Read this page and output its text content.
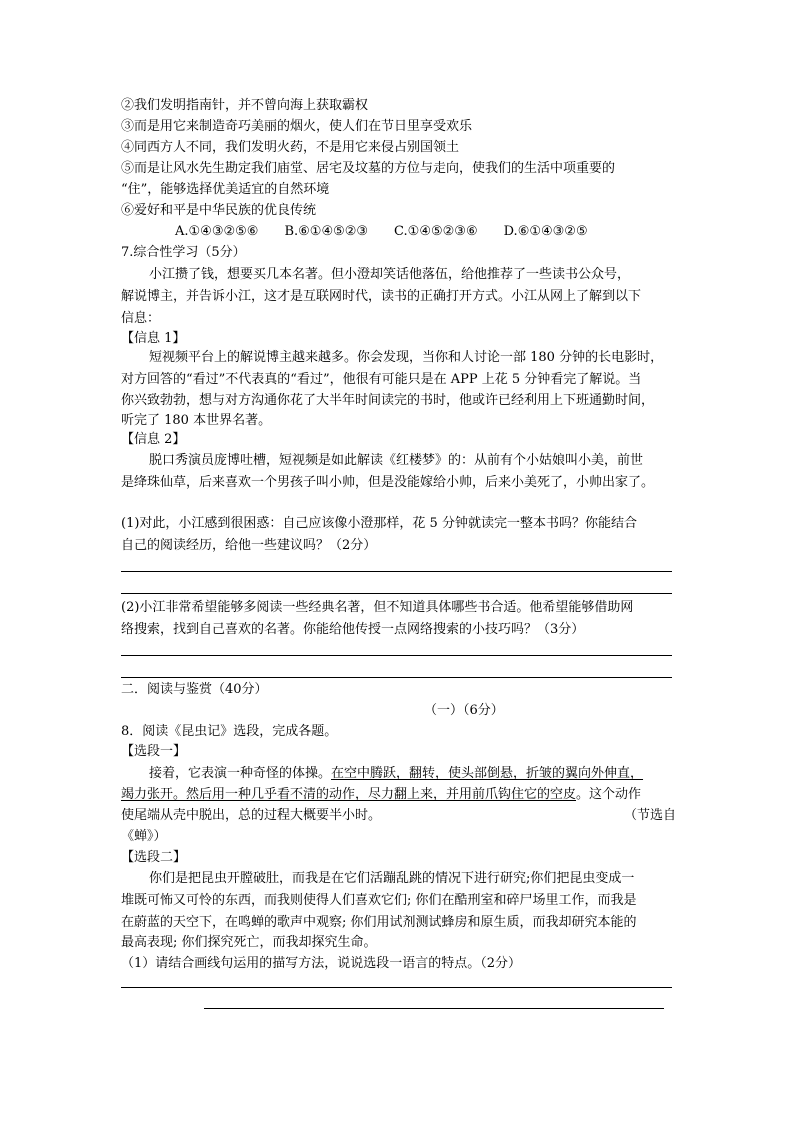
②我们发明指南针，并不曾向海上获取霸权
③而是用它来制造奇巧美丽的烟火，使人们在节日里享受欢乐
④同西方人不同，我们发明火药，不是用它来侵占别国领土
⑤而是让风水先生勘定我们庙堂、居宅及坟墓的方位与走向，使我们的生活中项重要的
“住”，能够选择优美适宜的自然环境
⑥爱好和平是中华民族的优良传统
A.①④③②⑤⑥　　B.⑥①④⑤②③　　C.①④⑤②③⑥　　D.⑥①④③②⑤
7.综合性学习（5分）
小江攒了钱，想要买几本名著。但小澄却笑话他落伍，给他推荐了一些读书公众号，
解说博主，并告诉小江，这才是互联网时代，读书的正确打开方式。小江从网上了解到以下
信息：
【信息 1】
短视频平台上的解说博主越来越多。你会发现，当你和人讨论一部 180 分钟的长电影时，
对方回答的“看过”不代表真的“看过”，他很有可能只是在 APP 上花 5 分钟看完了解说。当
你兴致勃勃，想与对方沟通你花了大半年时间读完的书时，他或许已经利用上下班通勤时间，
听完了 180 本世界名著。
【信息 2】
脱口秀演员庞博吐槽，短视频是如此解读《红楼梦》的：从前有个小姑娘叫小美，前世
是绛珠仙草，后来喜欢一个男孩子叫小帅，但是没能嫁给小帅，后来小美死了，小帅出家了。
(1)对此，小江感到很困惑：自己应该像小澄那样，花 5 分钟就读完一整本书吗？你能结合
自己的阅读经历，给他一些建议吗？（2分）
(2)小江非常希望能够多阅读一些经典名著，但不知道具体哪些书合适。他希望能够借助网
络搜索，找到自己喜欢的名著。你能给他传授一点网络搜索的小技巧吗？（3分）
二．阅读与鉴赏（40分）
（一）（6分）
8．阅读《昆虫记》选段，完成各题。
【选段一】
接着，它表演一种奇怪的体操。在空中腾跃，翻转，使头部倒悬，折皱的翼向外伸直，
竭力张开。然后用一种几乎看不清的动作，尽力翻上来，并用前爪钩住它的空皮。这个动作
使尾端从壳中脱出，总的过程大概要半小时。	（节选自
《蝉》）
【选段二】
你们是把昆虫开膛破肚，而我是在它们活蹦乱跳的情况下进行研究;你们把昆虫变成一
堆既可怖又可怜的东西，而我则使得人们喜欢它们; 你们在酷刑室和碎尸场里工作，而我是
在蔚蓝的天空下，在鸣蝉的歌声中观察; 你们用试剂测试蜂房和原生质，而我却研究本能的
最高表现; 你们探究死亡，而我却探究生命。
（1）请结合画线句运用的描写方法，说说选段一语言的特点。（2分）
